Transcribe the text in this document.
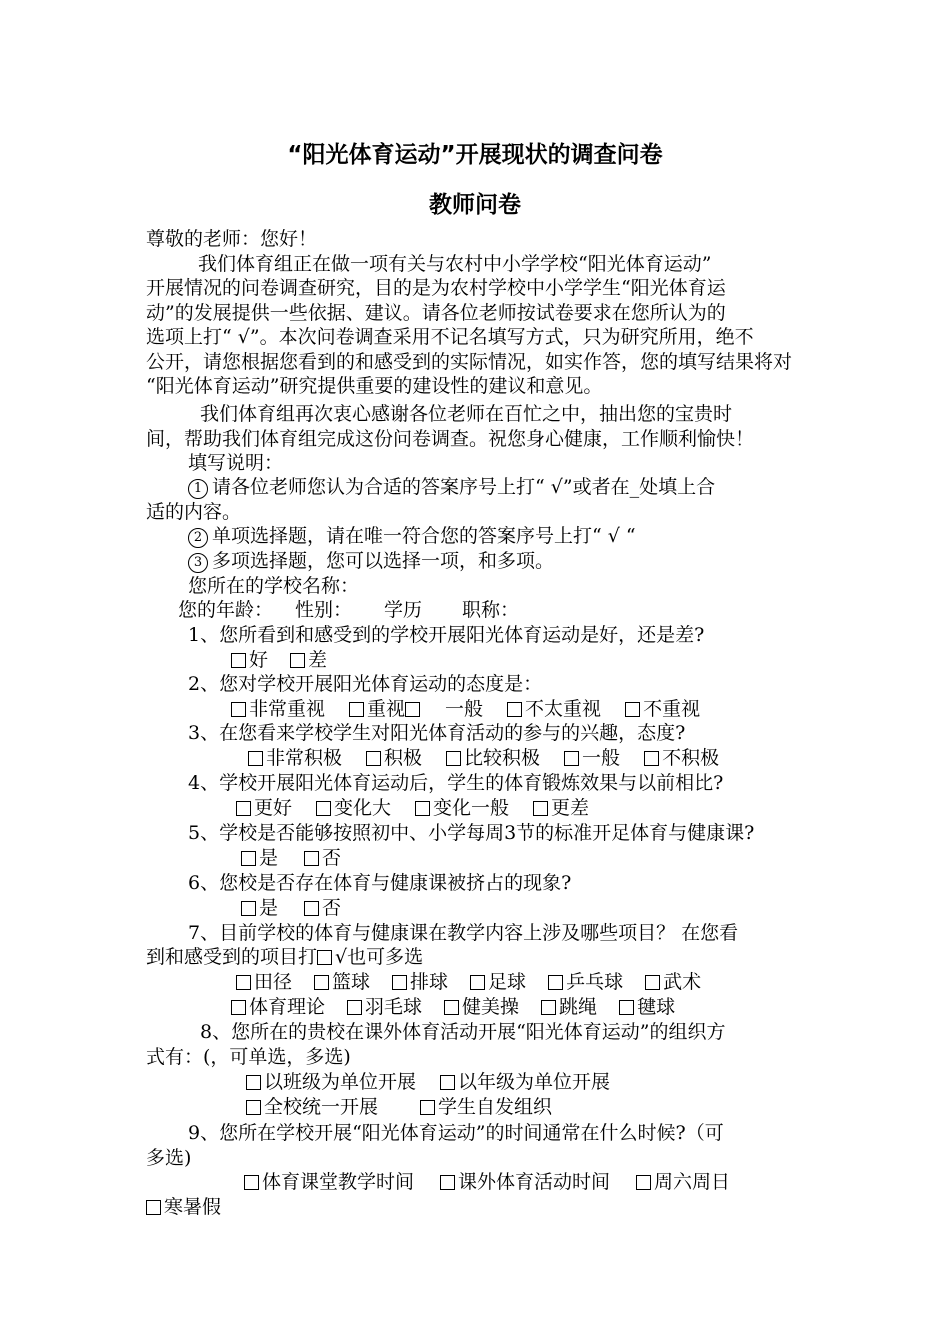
“阳光体育运动”开展现状的调查问卷
教师问卷
尊敬的老师：您好！
我们体育组正在做一项有关与农村中小学学校“阳光体育运动”
开展情况的问卷调查研究，目的是为农村学校中小学学生“阳光体育运
动”的发展提供一些依据、建议。请各位老师按试卷要求在您所认为的
选项上打“ √”。本次问卷调查采用不记名填写方式，只为研究所用，绝不
公开，请您根据您看到的和感受到的实际情况，如实作答，您的填写结果将对
“阳光体育运动”研究提供重要的建设性的建议和意见。
我们体育组再次衷心感谢各位老师在百忙之中，抽出您的宝贵时
间，帮助我们体育组完成这份问卷调查。祝您身心健康，工作顺利愉快！
填写说明：
1 请各位老师您认为合适的答案序号上打“ √”或者在_处填上合
适的内容。
2 单项选择题，请在唯一符合您的答案序号上打“ √ “
3 多项选择题，您可以选择一项，和多项。
您所在的学校名称：
您的年龄： 性别： 学历 职称：
1、您所看到和感受到的学校开展阳光体育运动是好，还是差?
好 差
2、您对学校开展阳光体育运动的态度是：
非常重视 重视 一般 不太重视 不重视
3、在您看来学校学生对阳光体育活动的参与的兴趣，态度?
非常积极 积极 比较积极 一般 不积极
4、学校开展阳光体育运动后，学生的体育锻炼效果与以前相比?
更好 变化大 变化一般 更差
5、学校是否能够按照初中、小学每周3节的标准开足体育与健康课?
是 否
6、您校是否存在体育与健康课被挤占的现象?
是 否
7、目前学校的体育与健康课在教学内容上涉及哪些项目？ 在您看
到和感受到的项目打 √也可多选
田径 篮球 排球 足球 乒乓球 武术
体育理论 羽毛球 健美操 跳绳 毽球
8、您所在的贵校在课外体育活动开展“阳光体育运动”的组织方
式有：(，可单选，多选)
以班级为单位开展 以年级为单位开展
全校统一开展	学生自发组织
9、您所在学校开展“阳光体育运动”的时间通常在什么时候?（可
多选)
体育课堂教学时间 课外体育活动时间 周六周日
寒暑假
